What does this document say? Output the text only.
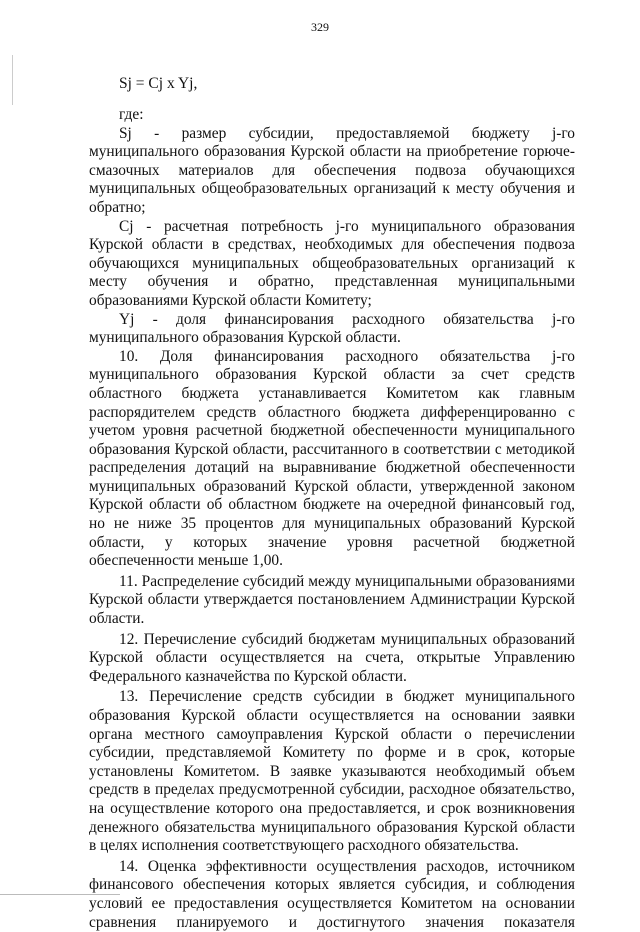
329
Sj = Cj x Yj,

где:

Sj - размер субсидии, предоставляемой бюджету j-го муниципального образования Курской области на приобретение горюче-смазочных материалов для обеспечения подвоза обучающихся муниципальных общеобразовательных организаций к месту обучения и обратно;

Cj - расчетная потребность j-го муниципального образования Курской области в средствах, необходимых для обеспечения подвоза обучающихся муниципальных общеобразовательных организаций к месту обучения и обратно, представленная муниципальными образованиями Курской области Комитету;

Yj - доля финансирования расходного обязательства j-го муниципального образования Курской области.

10. Доля финансирования расходного обязательства j-го муниципального образования Курской области за счет средств областного бюджета устанавливается Комитетом как главным распорядителем средств областного бюджета дифференцированно с учетом уровня расчетной бюджетной обеспеченности муниципального образования Курской области, рассчитанного в соответствии с методикой распределения дотаций на выравнивание бюджетной обеспеченности муниципальных образований Курской области, утвержденной законом Курской области об областном бюджете на очередной финансовый год, но не ниже 35 процентов для муниципальных образований Курской области, у которых значение уровня расчетной бюджетной обеспеченности меньше 1,00.

11. Распределение субсидий между муниципальными образованиями Курской области утверждается постановлением Администрации Курской области.

12. Перечисление субсидий бюджетам муниципальных образований Курской области осуществляется на счета, открытые Управлению Федерального казначейства по Курской области.

13. Перечисление средств субсидии в бюджет муниципального образования Курской области осуществляется на основании заявки органа местного самоуправления Курской области о перечислении субсидии, представляемой Комитету по форме и в срок, которые установлены Комитетом. В заявке указываются необходимый объем средств в пределах предусмотренной субсидии, расходное обязательство, на осуществление которого она предоставляется, и срок возникновения денежного обязательства муниципального образования Курской области в целях исполнения соответствующего расходного обязательства.

14. Оценка эффективности осуществления расходов, источником финансового обеспечения которых является субсидия, и соблюдения условий ее предоставления осуществляется Комитетом на основании сравнения планируемого и достигнутого значения показателя
